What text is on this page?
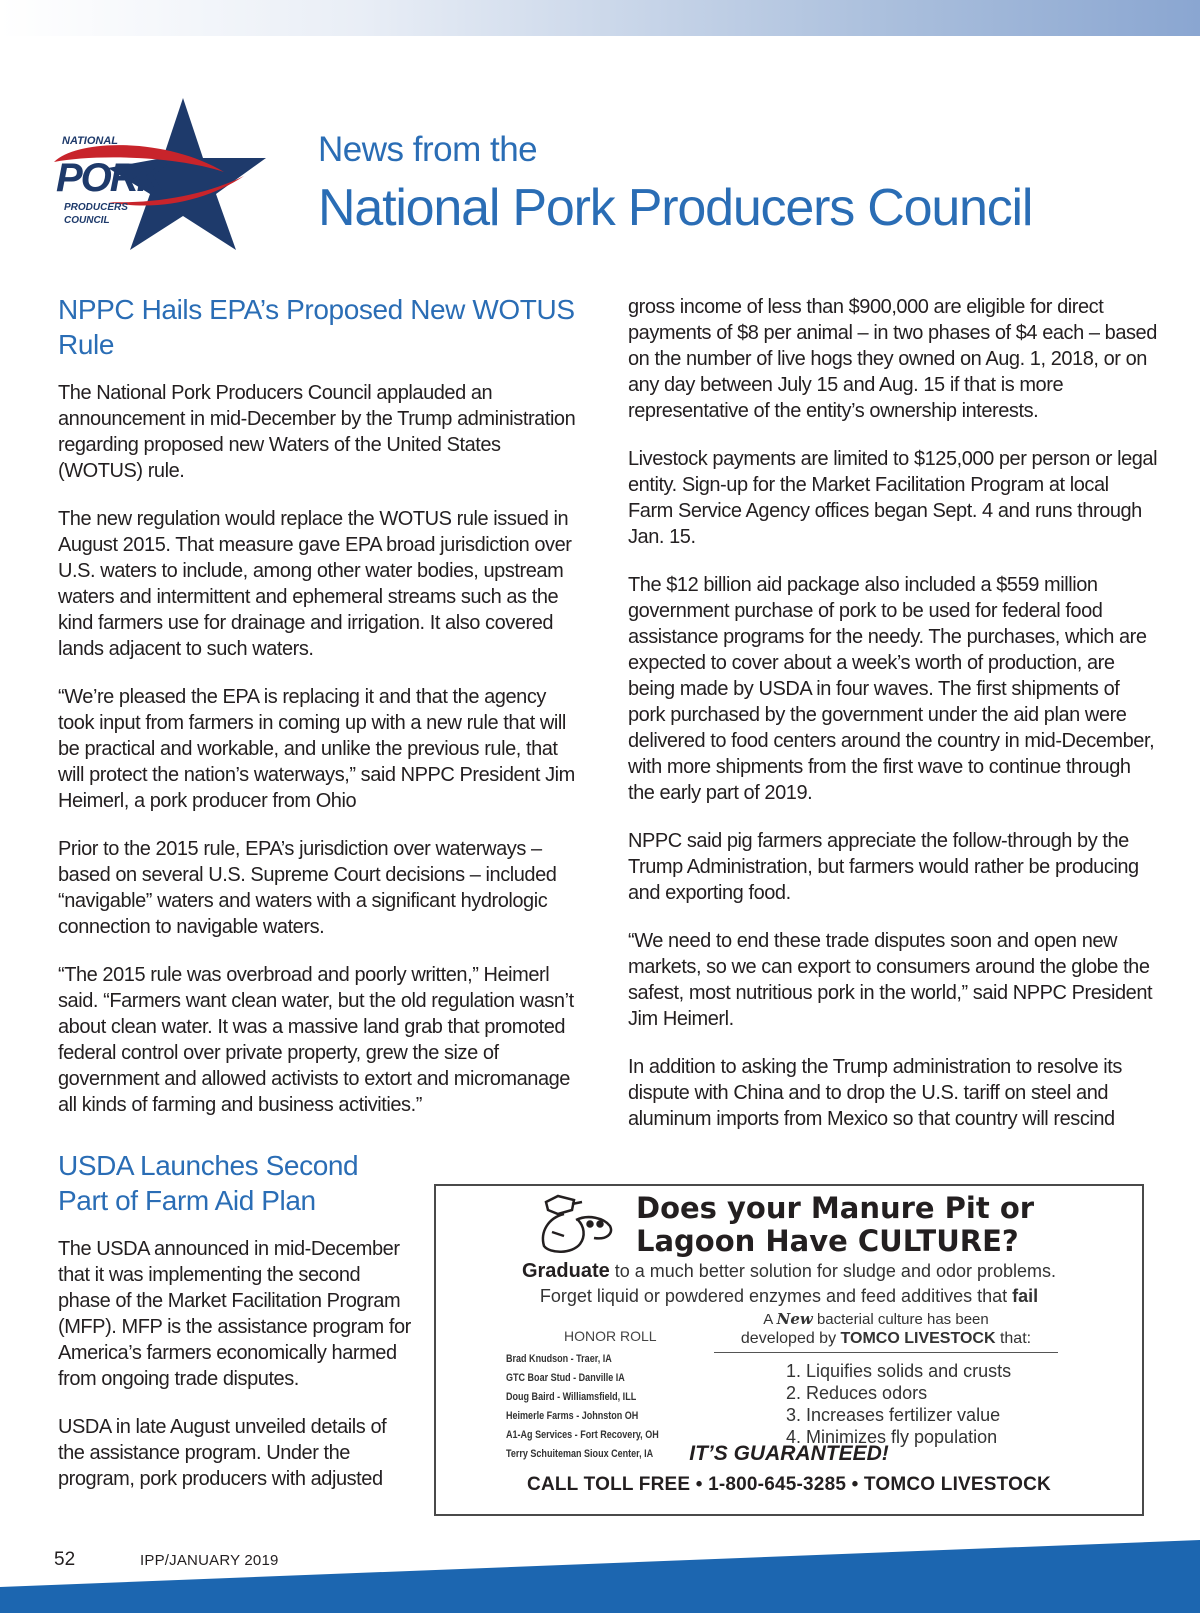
NATIONAL
PORK
PRODUCERS
COUNCIL
News from the
National Pork Producers Council
NPPC Hails EPA’s Proposed New WOTUS Rule

The National Pork Producers Council applauded an announcement in mid-December by the Trump administration regarding proposed new Waters of the United States (WOTUS) rule.

The new regulation would replace the WOTUS rule issued in August 2015. That measure gave EPA broad jurisdiction over U.S. waters to include, among other water bodies, upstream waters and intermittent and ephemeral streams such as the kind farmers use for drainage and irrigation. It also covered lands adjacent to such waters.

“We’re pleased the EPA is replacing it and that the agency took input from farmers in coming up with a new rule that will be practical and workable, and unlike the previous rule, that will protect the nation’s waterways,” said NPPC President Jim Heimerl, a pork producer from Ohio

Prior to the 2015 rule, EPA’s jurisdiction over waterways – based on several U.S. Supreme Court decisions – included “navigable” waters and waters with a significant hydrologic connection to navigable waters.

“The 2015 rule was overbroad and poorly written,” Heimerl said. “Farmers want clean water, but the old regulation wasn’t about clean water. It was a massive land grab that promoted federal control over private property, grew the size of government and allowed activists to extort and micromanage all kinds of farming and business activities.”

USDA Launches Second Part of Farm Aid Plan

The USDA announced in mid-December that it was implementing the second phase of the Market Facilitation Program (MFP). MFP is the assistance program for America’s farmers economically harmed from ongoing trade disputes.

USDA in late August unveiled details of the assistance program. Under the program, pork producers with adjusted

gross income of less than $900,000 are eligible for direct payments of $8 per animal – in two phases of $4 each – based on the number of live hogs they owned on Aug. 1, 2018, or on any day between July 15 and Aug. 15 if that is more representative of the entity’s ownership interests.

Livestock payments are limited to $125,000 per person or legal entity. Sign-up for the Market Facilitation Program at local Farm Service Agency offices began Sept. 4 and runs through Jan. 15.

The $12 billion aid package also included a $559 million government purchase of pork to be used for federal food assistance programs for the needy. The purchases, which are expected to cover about a week’s worth of production, are being made by USDA in four waves. The first shipments of pork purchased by the government under the aid plan were delivered to food centers around the country in mid-December, with more shipments from the first wave to continue through the early part of 2019.

NPPC said pig farmers appreciate the follow-through by the Trump Administration, but farmers would rather be producing and exporting food.

“We need to end these trade disputes soon and open new markets, so we can export to consumers around the globe the safest, most nutritious pork in the world,” said NPPC President Jim Heimerl.

In addition to asking the Trump administration to resolve its dispute with China and to drop the U.S. tariff on steel and aluminum imports from Mexico so that country will rescind

Does your Manure Pit or
Lagoon Have CULTURE?
Graduate to a much better solution for sludge and odor problems.
Forget liquid or powdered enzymes and feed additives that fail
A New bacterial culture has been
developed by TOMCO LIVESTOCK that:
HONOR ROLL
Brad Knudson - Traer, IA
GTC Boar Stud - Danville IA
Doug Baird - Williamsfield, ILL
Heimerle Farms - Johnston OH
A1-Ag Services - Fort Recovery, OH
Terry Schuiteman Sioux Center, IA
1. Liquifies solids and crusts
2. Reduces odors
3. Increases fertilizer value
4. Minimizes fly population
IT’S GUARANTEED!
CALL TOLL FREE • 1-800-645-3285 • TOMCO LIVESTOCK
52	IPP/JANUARY 2019
